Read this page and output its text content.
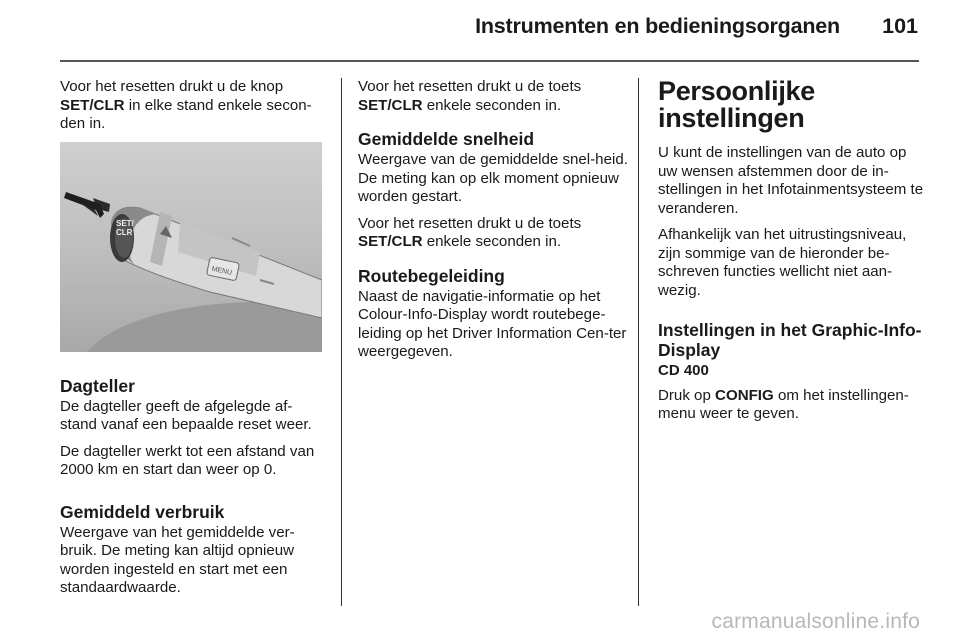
Instrumenten en bedieningsorganen 101

Voor het resetten drukt u de knop SET/CLR in elke stand enkele secon-den in.

SET/
CLR
MENU
Dagteller

De dagteller geeft de afgelegde af-stand vanaf een bepaalde reset weer.

De dagteller werkt tot een afstand van 2000 km en start dan weer op 0.

Gemiddeld verbruik

Weergave van het gemiddelde ver-bruik. De meting kan altijd opnieuw worden ingesteld en start met een standaardwaarde.

Voor het resetten drukt u de toets SET/CLR enkele seconden in.

Gemiddelde snelheid

Weergave van de gemiddelde snel-heid. De meting kan op elk moment opnieuw worden gestart.

Voor het resetten drukt u de toets SET/CLR enkele seconden in.

Routebegeleiding

Naast de navigatie-informatie op het Colour-Info-Display wordt routebege-leiding op het Driver Information Cen-ter weergegeven.

Persoonlijke instellingen

U kunt de instellingen van de auto op uw wensen afstemmen door de in-stellingen in het Infotainmentsysteem te veranderen.

Afhankelijk van het uitrustingsniveau, zijn sommige van de hieronder be-schreven functies wellicht niet aan-wezig.

Instellingen in het Graphic-Info-Display
CD 400

Druk op CONFIG om het instellingen-menu weer te geven.

carmanualsonline.info
